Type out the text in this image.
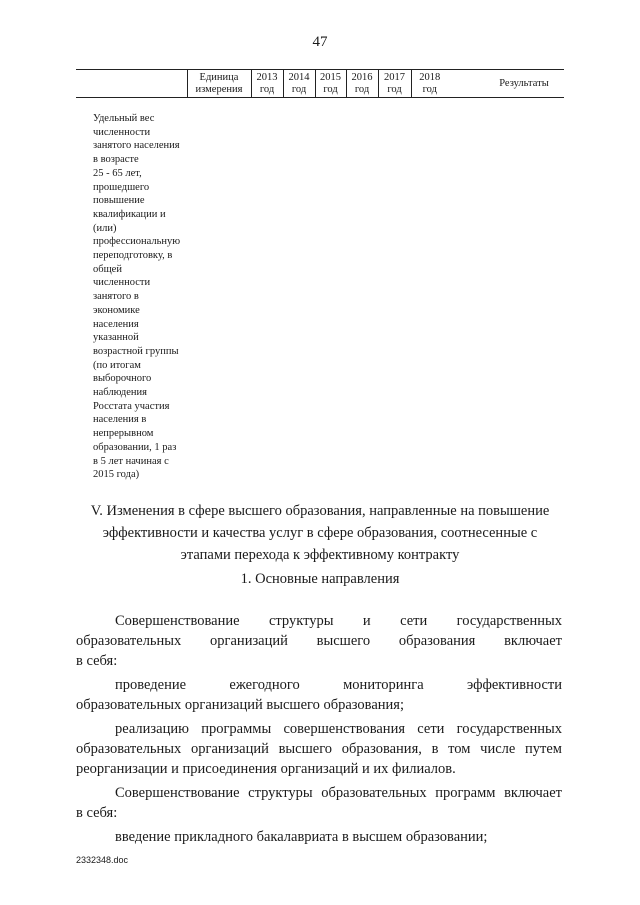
47
	Единица измерения	2013 год	2014 год	2015 год	2016 год	2017 год	2018 год		Результаты
Удельный вес
численности
занятого населения
в возрасте
25 - 65 лет,
прошедшего
повышение
квалификации и
(или)
профессиональную
переподготовку, в
общей
численности
занятого в
экономике
населения
указанной
возрастной группы
(по итогам
выборочного
наблюдения
Росстата участия
населения в
непрерывном
образовании, 1 раз
в 5 лет начиная с
2015 года)
V. Изменения в сфере высшего образования, направленные на повышение
эффективности и качества услуг в сфере образования, соотнесенные с
этапами перехода к эффективному контракту
1. Основные направления
Совершенствование структуры и сети государственных
образовательных организаций высшего образования включает
в себя:
проведение ежегодного мониторинга эффективности
образовательных организаций высшего образования;
реализацию программы совершенствования сети государственных
образовательных организаций высшего образования, в том числе путем
реорганизации и присоединения организаций и их филиалов.
Совершенствование структуры образовательных программ включает
в себя:
введение прикладного бакалавриата в высшем образовании;
2332348.doc
